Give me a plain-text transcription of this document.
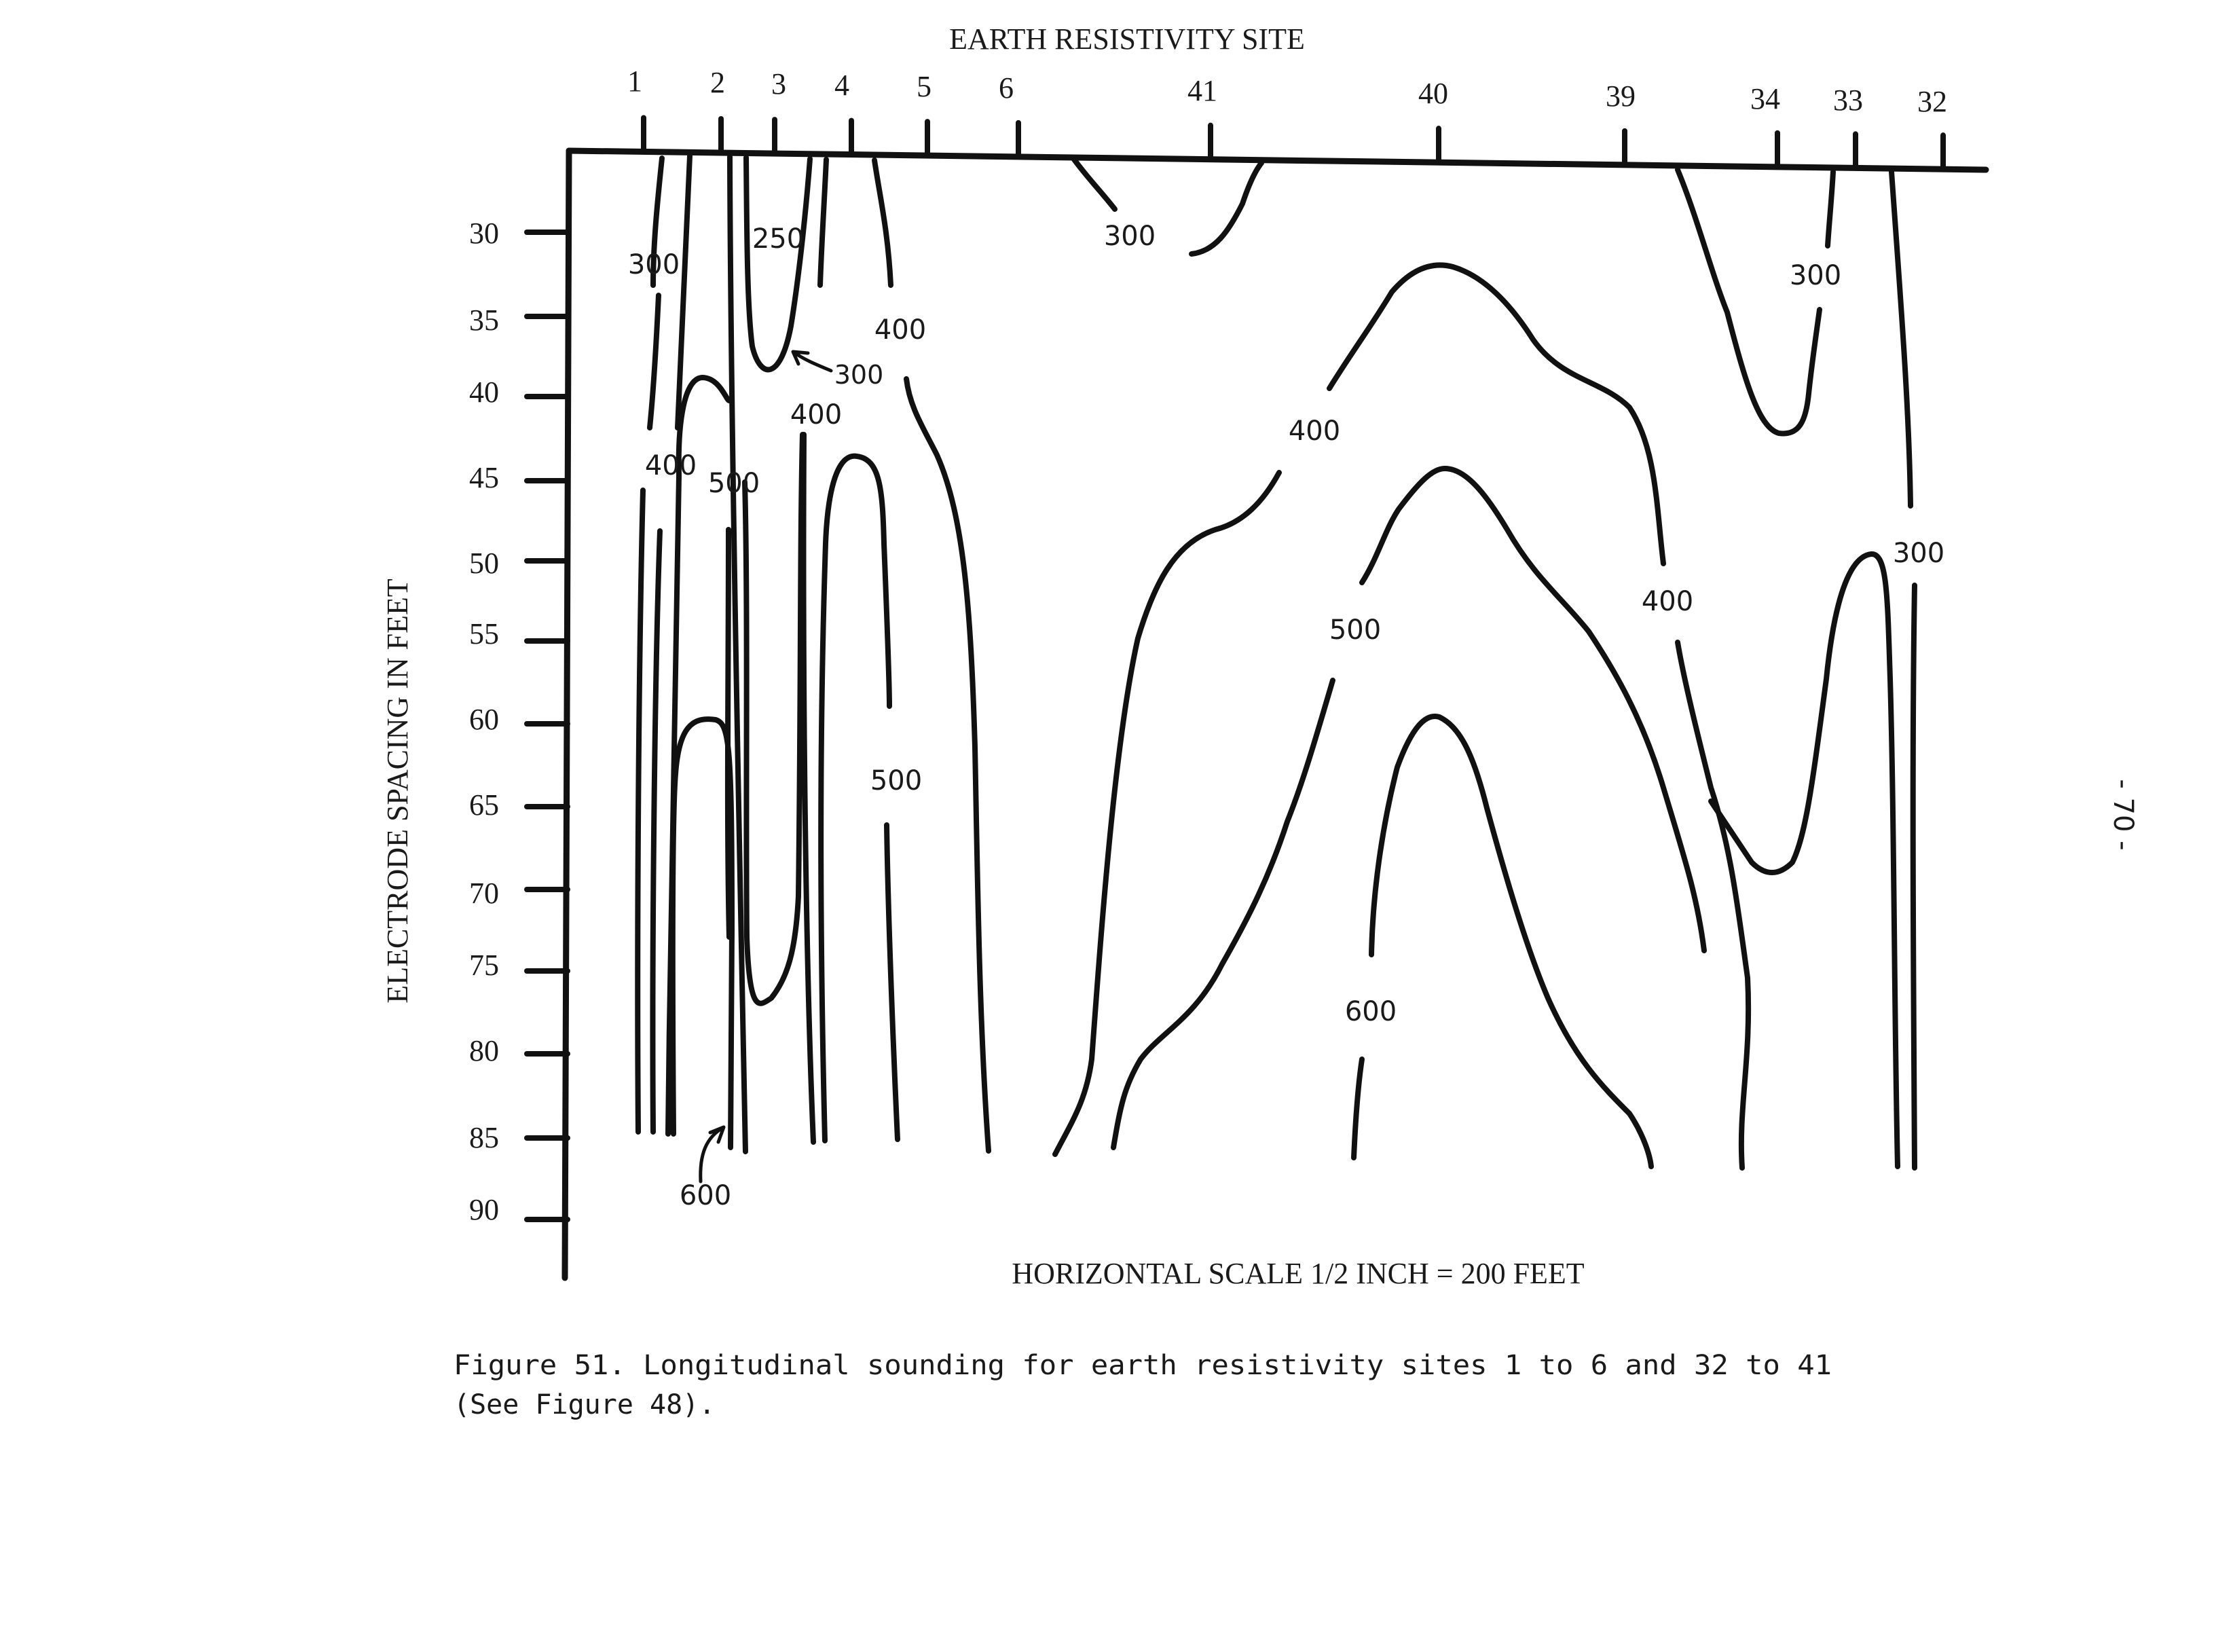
EARTH RESISTIVITY SITE
1 2 3 4 5 6	41	40	39	34 33 32
30
35
40
45
50
55
60
65
70
75
80
85
90
ELECTRODE SPACING IN FEET
300
250
300
400
400
400
500
500
600
300
400
500
600
400
300
300
HORIZONTAL SCALE 1/2 INCH = 200 FEET
Figure 51. Longitudinal sounding for earth resistivity sites 1 to 6 and 32 to 41
(See Figure 48).
- 70 -
